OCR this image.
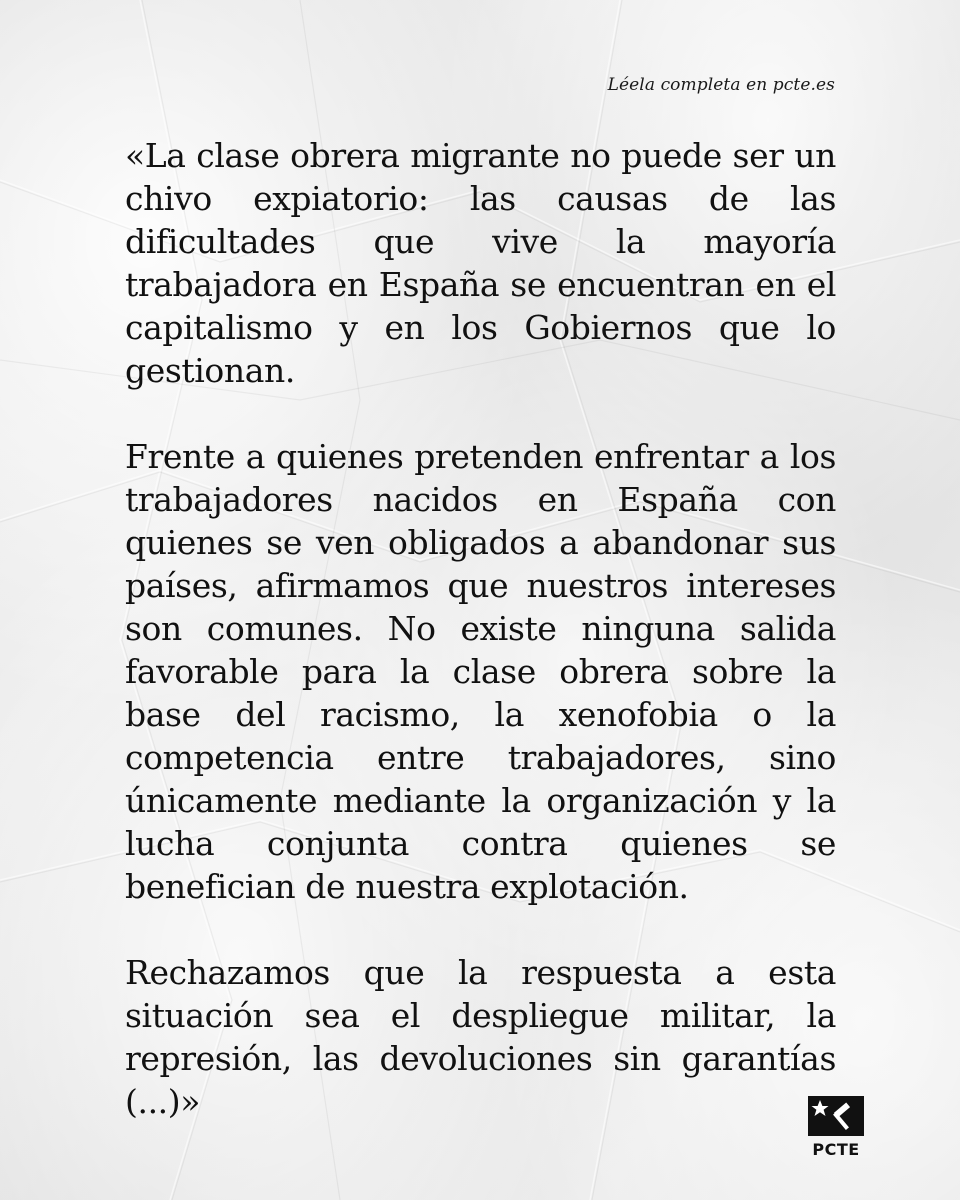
Léela completa en pcte.es

«La clase obrera migrante no puede ser un chivo expiatorio: las causas de las dificultades que vive la mayoría trabajadora en España se encuentran en el capitalismo y en los Gobiernos que lo gestionan.

Frente a quienes pretenden enfrentar a los trabajadores nacidos en España con quienes se ven obligados a abandonar sus países, afirmamos que nuestros intereses son comunes. No existe ninguna salida favorable para la clase obrera sobre la base del racismo, la xenofobia o la competencia entre trabajadores, sino únicamente mediante la organización y la lucha conjunta contra quienes se benefician de nuestra explotación.

Rechazamos que la respuesta a esta situación sea el despliegue militar, la represión, las devoluciones sin garantías (...)»

PCTE
